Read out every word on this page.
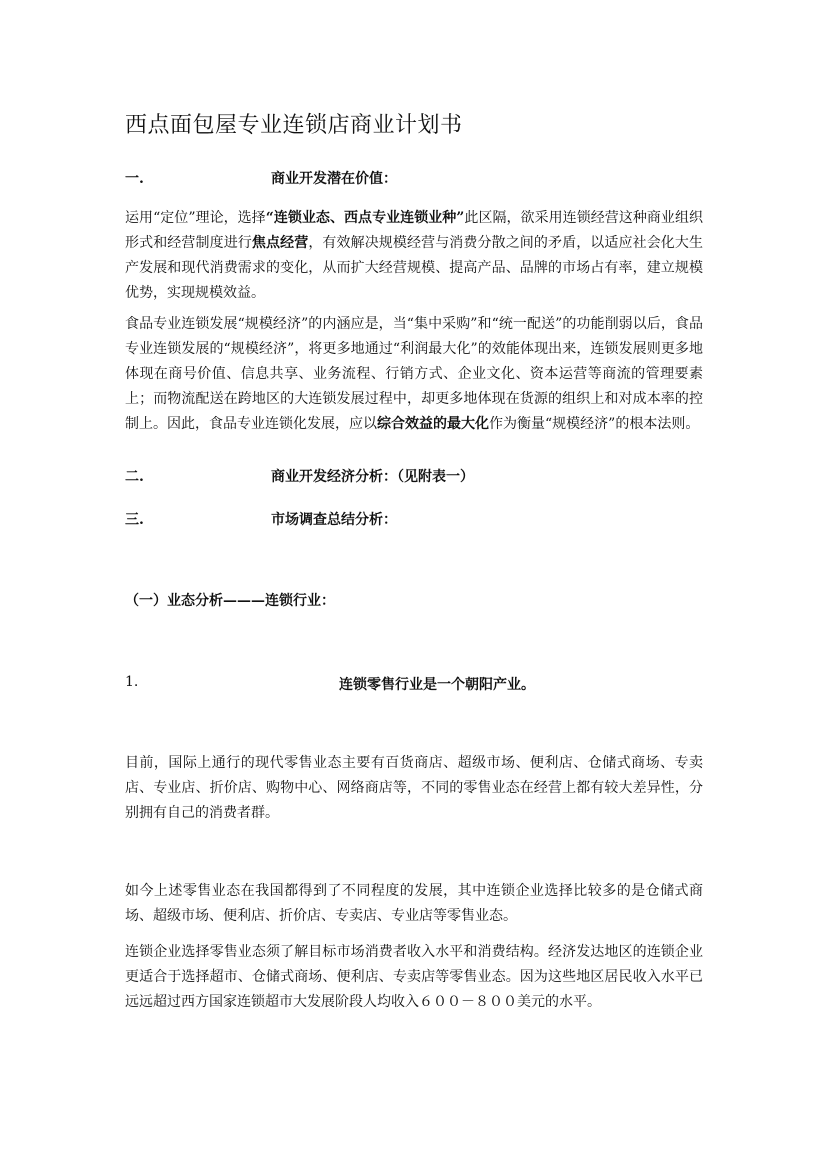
西点面包屋专业连锁店商业计划书
一.	商业开发潜在价值：

运用“定位”理论，选择“连锁业态、西点专业连锁业种”此区隔，欲采用连锁经营这种商业组织形式和经营制度进行焦点经营，有效解决规模经营与消费分散之间的矛盾，以适应社会化大生产发展和现代消费需求的变化，从而扩大经营规模、提高产品、品牌的市场占有率，建立规模优势，实现规模效益。

食品专业连锁发展“规模经济”的内涵应是，当“集中采购”和“统一配送”的功能削弱以后，食品专业连锁发展的“规模经济”，将更多地通过“利润最大化”的效能体现出来，连锁发展则更多地体现在商号价值、信息共享、业务流程、行销方式、企业文化、资本运营等商流的管理要素上；而物流配送在跨地区的大连锁发展过程中，却更多地体现在货源的组织上和对成本率的控制上。因此，食品专业连锁化发展，应以综合效益的最大化作为衡量“规模经济”的根本法则。

二.	商业开发经济分析：（见附表一）
三.	市场调查总结分析：
（一）业态分析———连锁行业：
1.	连锁零售行业是一个朝阳产业。

目前，国际上通行的现代零售业态主要有百货商店、超级市场、便利店、仓储式商场、专卖店、专业店、折价店、购物中心、网络商店等，不同的零售业态在经营上都有较大差异性，分别拥有自己的消费者群。

如今上述零售业态在我国都得到了不同程度的发展，其中连锁企业选择比较多的是仓储式商场、超级市场、便利店、折价店、专卖店、专业店等零售业态。

连锁企业选择零售业态须了解目标市场消费者收入水平和消费结构。经济发达地区的连锁企业更适合于选择超市、仓储式商场、便利店、专卖店等零售业态。因为这些地区居民收入水平已远远超过西方国家连锁超市大发展阶段人均收入６００－８００美元的水平。
